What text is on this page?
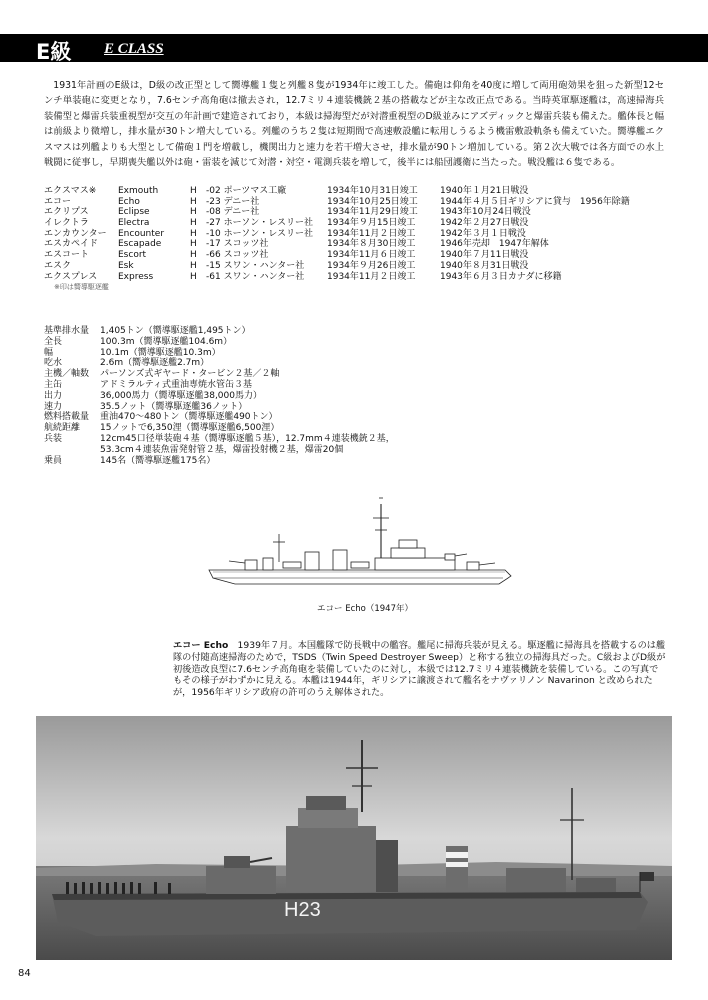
E級 E CLASS

1931年計画のE級は，D級の改正型として嚮導艦１隻と列艦８隻が1934年に竣工した。備砲は仰角を40度に増して両用砲効果を狙った新型12センチ単装砲に変更となり，7.6センチ高角砲は撤去され，12.7ミリ４連装機銃２基の搭載などが主な改正点である。当時英軍駆逐艦は，高速掃海兵装備型と爆雷兵装重視型が交互の年計画で建造されており，本級は掃海型だが対潜重視型のD級並みにアズディックと爆雷兵装も備えた。艦体長と幅は前級より微増し，排水量が30トン増大している。列艦のうち２隻は短期間で高速敷設艦に転用しうるよう機雷敷設軌条も備えていた。嚮導艦エクスマスは列艦よりも大型として備砲１門を増載し，機関出力と速力を若干増大させ，排水量が90トン増加している。第２次大戦では各方面での水上戦闘に従事し，早期喪失艦以外は砲・雷装を減じて対潜・対空・電測兵装を増して，後半には船団護衛に当たった。戦没艦は６隻である。

エクスマス※ Exmouth	H -02 ポーツマス工廠	1934年10月31日竣工 1940年１月21日戦没
エコー	Echo	H -23 デニー社	1934年10月25日竣工 1944年４月５日ギリシアに貸与　1956年除籍
エクリプス	Eclipse	H -08 デニー社	1934年11月29日竣工 1943年10月24日戦没
イレクトラ	Electra	H -27 ホーソン・レスリー社 1934年９月15日竣工	1942年２月27日戦没
エンカウンター Encounter	H -10 ホーソン・レスリー社 1934年11月２日竣工	1942年３月１日戦没
エスカペイド Escapade	H -17 スコッツ社	1934年８月30日竣工	1946年売却　1947年解体
エスコート	Escort	H -66 スコッツ社	1934年11月６日竣工	1940年７月11日戦没
エスク	Esk	H -15 スワン・ハンター社	1934年９月26日竣工	1940年８月31日戦没
エクスプレス Express	H -61 スワン・ハンター社	1934年11月２日竣工	1943年６月３日カナダに移籍
※印は嚮導駆逐艦
基準排水量	1,405トン（嚮導駆逐艦1,495トン）
全長	100.3m（嚮導駆逐艦104.6m）
幅	10.1m（嚮導駆逐艦10.3m）
吃水	2.6m（嚮導駆逐艦2.7m）
主機／軸数	パーソンズ式ギヤード・タービン２基／２軸
主缶	アドミラルティ式重油専焼水管缶３基
出力	36,000馬力（嚮導駆逐艦38,000馬力）
速力	35.5ノット（嚮導駆逐艦36ノット）
燃料搭載量	重油470～480トン（嚮導駆逐艦490トン）
航続距離	15ノットで6,350浬（嚮導駆逐艦6,500浬）
兵装	12cm45口径単装砲４基（嚮導駆逐艦５基），12.7mm４連装機銃２基，
53.3cm４連装魚雷発射管２基，爆雷投射機２基，爆雷20個
乗員	145名（嚮導駆逐艦175名）
エコー Echo（1947年）
エコー Echo　 1939年７月。本国艦隊で防長戦中の艦容。艦尾に掃海兵装が見える。駆逐艦に掃海具を搭載するのは艦隊の付随高速掃海のためで，TSDS（Twin Speed Destroyer Sweep）と称する独立の掃海具だった。C級およびD級が初後造改良型に7.6センチ高角砲を装備していたのに対し，本級では12.7ミリ４連装機銃を装備している。この写真でもその様子がわずかに見える。本艦は1944年，ギリシアに譲渡されて艦名をナヴァリノン Navarinon と改められたが，1956年ギリシア政府の許可のうえ解体された。
H23
84
